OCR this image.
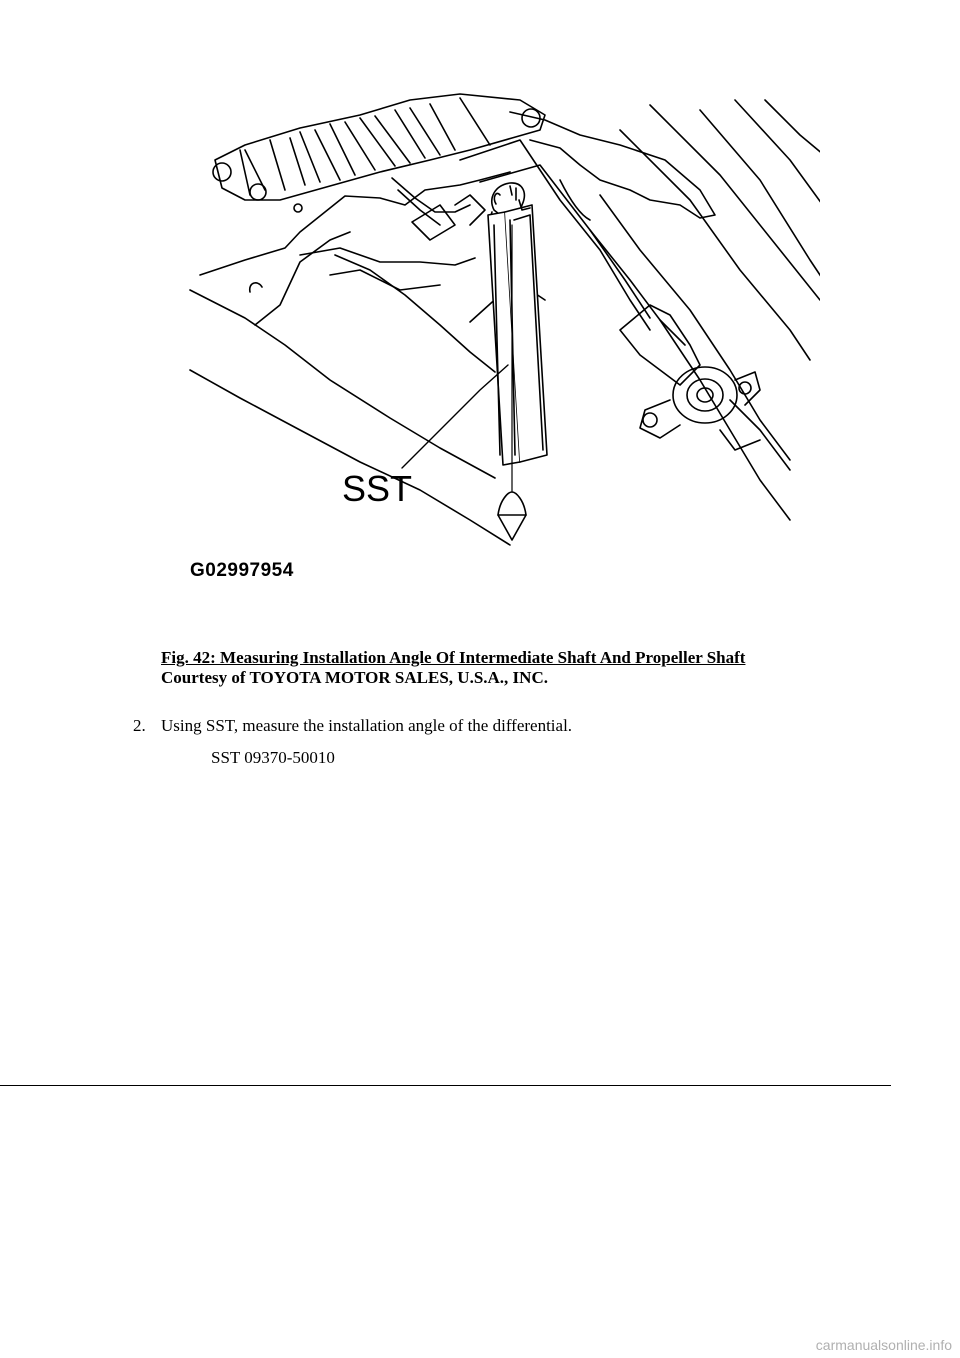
SST
G02997954
Fig. 42: Measuring Installation Angle Of Intermediate Shaft And Propeller Shaft
Courtesy of TOYOTA MOTOR SALES, U.S.A., INC.
2. Using SST, measure the installation angle of the differential.
SST 09370-50010
carmanualsonline.info
